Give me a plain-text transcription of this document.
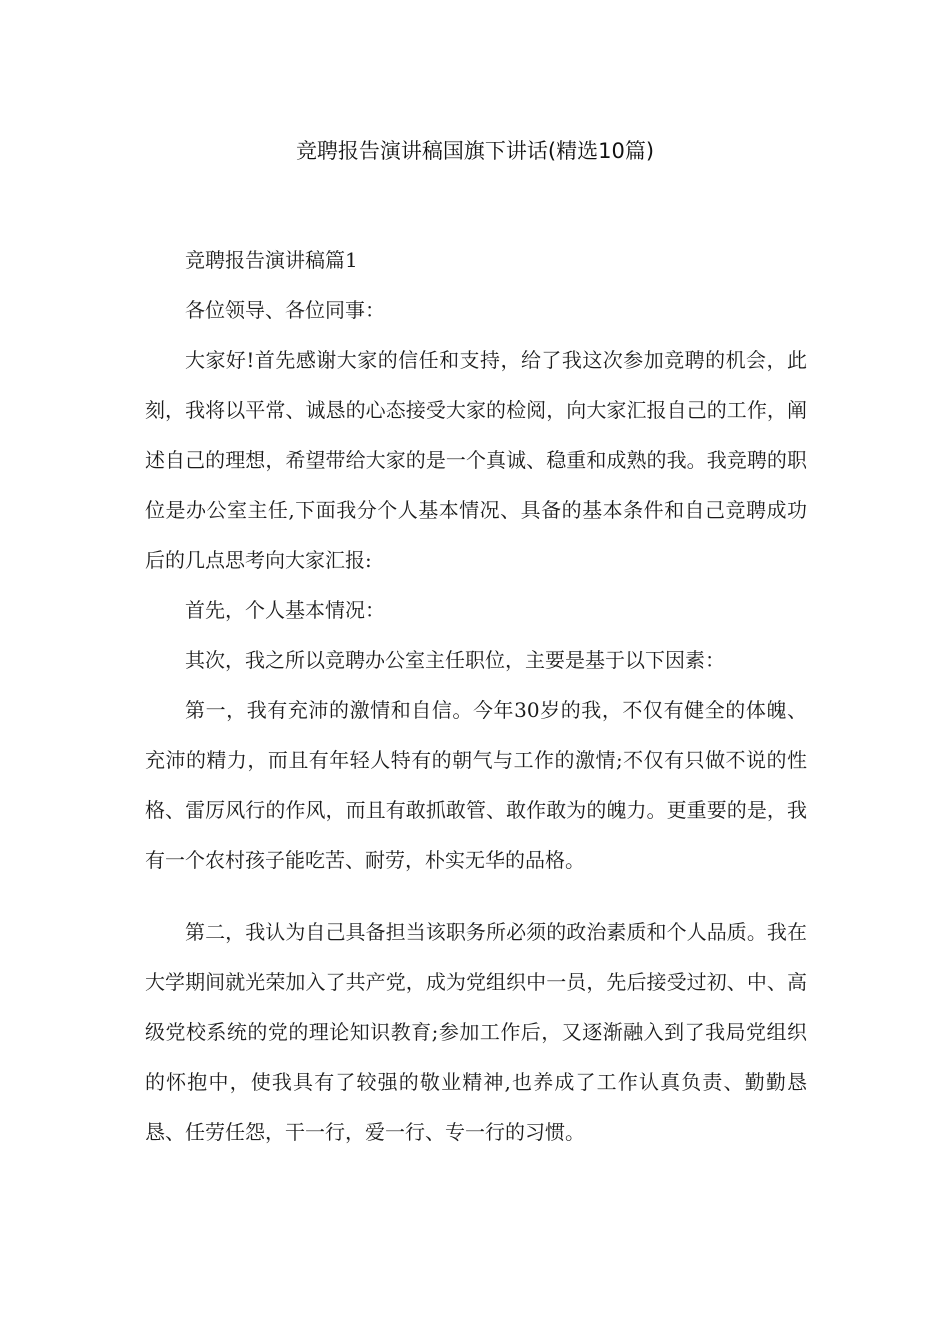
竞聘报告演讲稿国旗下讲话(精选10篇)

竞聘报告演讲稿篇1

各位领导、各位同事：

大家好!首先感谢大家的信任和支持，给了我这次参加竞聘的机会，此刻，我将以平常、诚恳的心态接受大家的检阅，向大家汇报自己的工作，阐述自己的理想，希望带给大家的是一个真诚、稳重和成熟的我。我竞聘的职位是办公室主任,下面我分个人基本情况、具备的基本条件和自己竞聘成功后的几点思考向大家汇报:

首先，个人基本情况：

其次，我之所以竞聘办公室主任职位，主要是基于以下因素：

第一，我有充沛的激情和自信。今年30岁的我，不仅有健全的体魄、充沛的精力，而且有年轻人特有的朝气与工作的激情;不仅有只做不说的性格、雷厉风行的作风，而且有敢抓敢管、敢作敢为的魄力。更重要的是，我有一个农村孩子能吃苦、耐劳，朴实无华的品格。

第二，我认为自己具备担当该职务所必须的政治素质和个人品质。我在大学期间就光荣加入了共产党，成为党组织中一员，先后接受过初、中、高级党校系统的党的理论知识教育;参加工作后，又逐渐融入到了我局党组织的怀抱中，使我具有了较强的敬业精神,也养成了工作认真负责、勤勤恳恳、任劳任怨，干一行，爱一行、专一行的习惯。
